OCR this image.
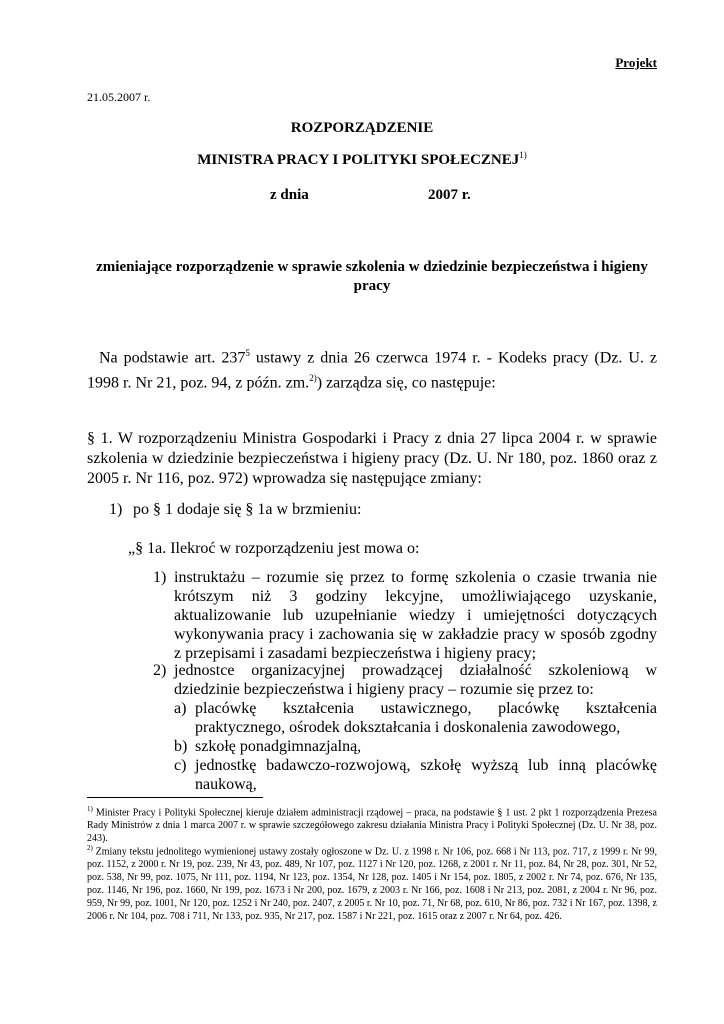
Projekt
21.05.2007 r.
ROZPORZĄDZENIE
MINISTRA PRACY I POLITYKI SPOŁECZNEJ$^{1)}$
z dnia	2007 r.
zmieniające rozporządzenie w sprawie szkolenia w dziedzinie bezpieczeństwa i higieny pracy
Na podstawie art. $237^5$ ustawy z dnia 26 czerwca 1974 r. - Kodeks pracy (Dz. U. z 1998 r. Nr 21, poz. 94, z późn. zm.$^{2)}$) zarządza się, co następuje:
§ 1. W rozporządzeniu Ministra Gospodarki i Pracy z dnia 27 lipca 2004 r. w sprawie szkolenia w dziedzinie bezpieczeństwa i higieny pracy (Dz. U. Nr 180, poz. 1860 oraz z 2005 r. Nr 116, poz. 972) wprowadza się następujące zmiany:
1) po § 1 dodaje się § 1a w brzmieniu:
„§ 1a. Ilekroć w rozporządzeniu jest mowa o:
1) instruktażu – rozumie się przez to formę szkolenia o czasie trwania nie krótszym niż 3 godziny lekcyjne, umożliwiającego uzyskanie, aktualizowanie lub uzupełnianie wiedzy i umiejętności dotyczących wykonywania pracy i zachowania się w zakładzie pracy w sposób zgodny z przepisami i zasadami bezpieczeństwa i higieny pracy;
2) jednostce organizacyjnej prowadzącej działalność szkoleniową w dziedzinie bezpieczeństwa i higieny pracy – rozumie się przez to:
a) placówkę kształcenia ustawicznego, placówkę kształcenia praktycznego, ośrodek dokształcania i doskonalenia zawodowego,
b) szkołę ponadgimnazjalną,
c) jednostkę badawczo-rozwojową, szkołę wyższą lub inną placówkę naukową,
$^{1)}$ Minister Pracy i Polityki Społecznej kieruje działem administracji rządowej – praca, na podstawie § 1 ust. 2 pkt 1 rozporządzenia Prezesa Rady Ministrów z dnia 1 marca 2007 r. w sprawie szczegółowego zakresu działania Ministra Pracy i Polityki Społecznej (Dz. U. Nr 38, poz. 243).
$^{2)}$ Zmiany tekstu jednolitego wymienionej ustawy zostały ogłoszone w Dz. U. z 1998 r. Nr 106, poz. 668 i Nr 113, poz. 717, z 1999 r. Nr 99, poz. 1152, z 2000 r. Nr 19, poz. 239, Nr 43, poz. 489, Nr 107, poz. 1127 i Nr 120, poz. 1268, z 2001 r. Nr 11, poz. 84, Nr 28, poz. 301, Nr 52, poz. 538, Nr 99, poz. 1075, Nr 111, poz. 1194, Nr 123, poz. 1354, Nr 128, poz. 1405 i Nr 154, poz. 1805, z 2002 r. Nr 74, poz. 676, Nr 135, poz. 1146, Nr 196, poz. 1660, Nr 199, poz. 1673 i Nr 200, poz. 1679, z 2003 r. Nr 166, poz. 1608 i Nr 213, poz. 2081, z 2004 r. Nr 96, poz. 959, Nr 99, poz. 1001, Nr 120, poz. 1252 i Nr 240, poz. 2407, z 2005 r. Nr 10, poz. 71, Nr 68, poz. 610, Nr 86, poz. 732 i Nr 167, poz. 1398, z 2006 r. Nr 104, poz. 708 i 711, Nr 133, poz. 935, Nr 217, poz. 1587 i Nr 221, poz. 1615 oraz z 2007 r. Nr 64, poz. 426.
